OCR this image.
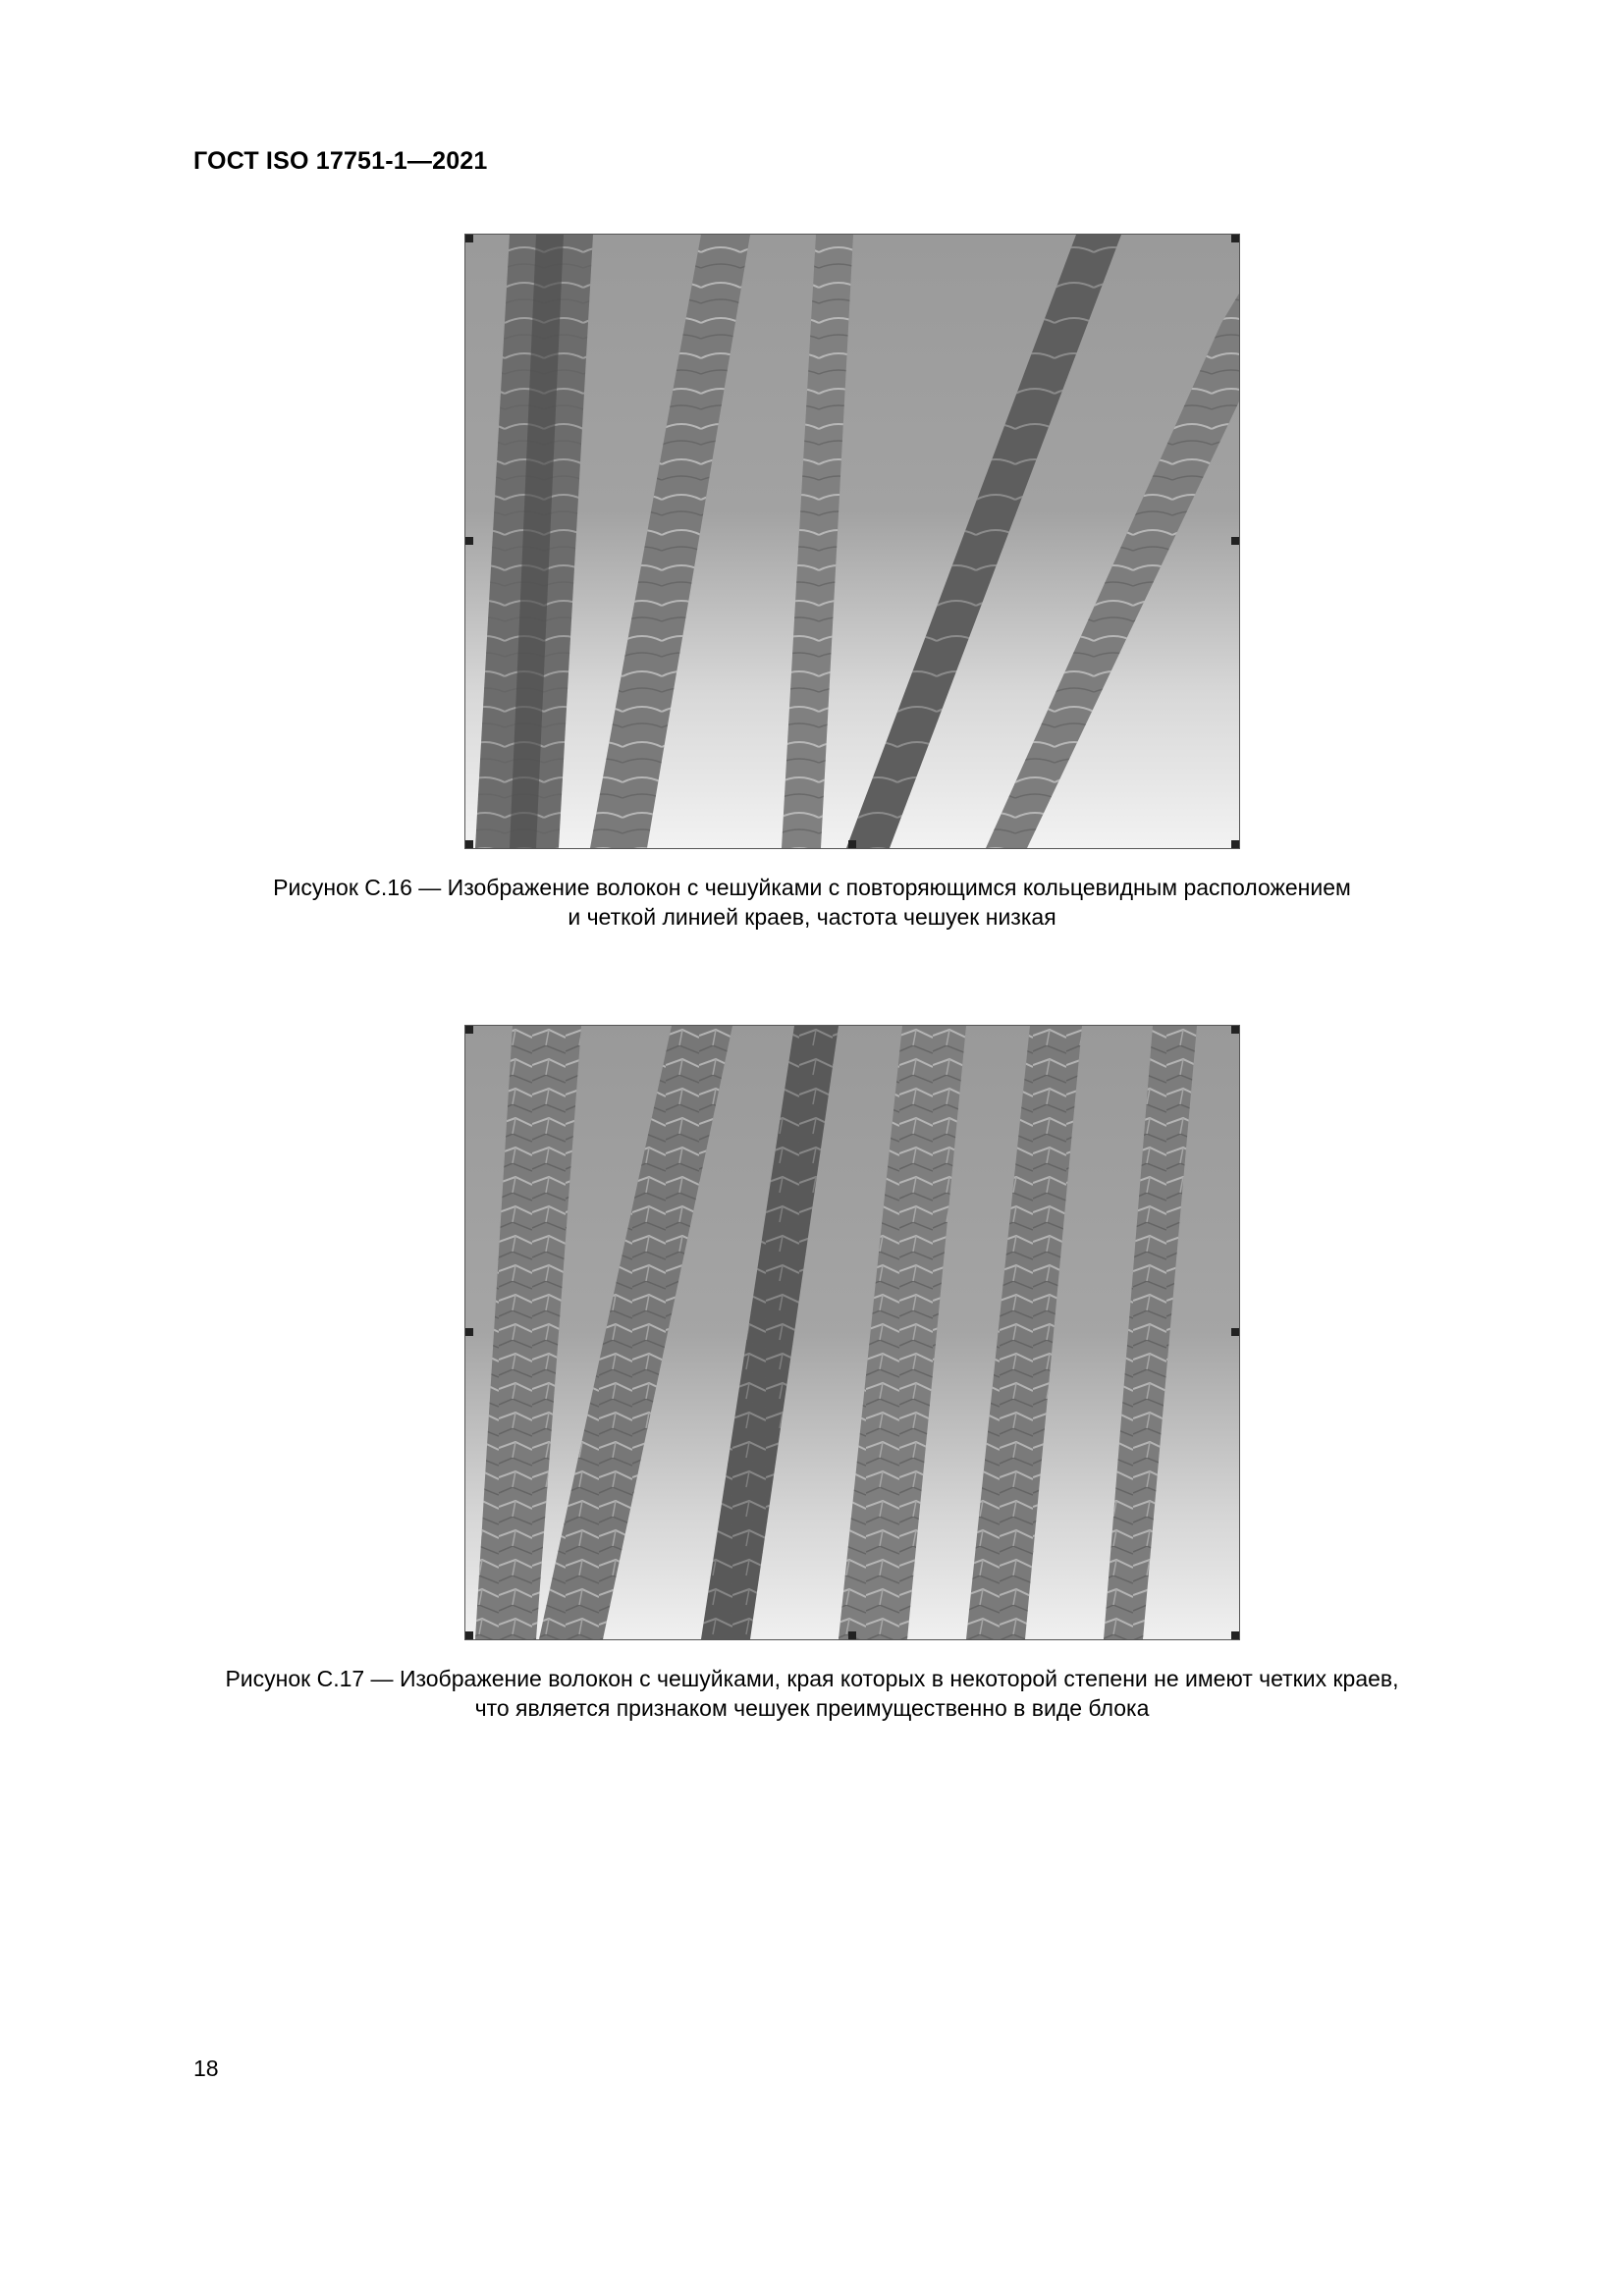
ГОСТ ISO 17751-1—2021
Рисунок С.16 — Изображение волокон с чешуйками с повторяющимся кольцевидным расположением
и четкой линией краев, частота чешуек низкая
Рисунок С.17 — Изображение волокон с чешуйками, края которых в некоторой степени не имеют четких краев,
что является признаком чешуек преимущественно в виде блока
18
